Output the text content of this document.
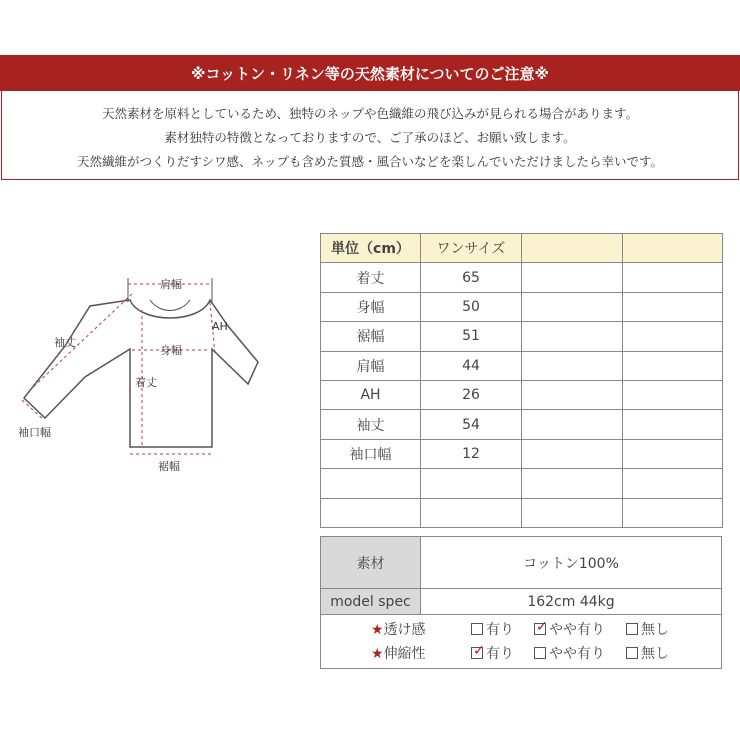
※コットン・リネン等の天然素材についてのご注意※
天然素材を原料としているため、独特のネップや色織維の飛び込みが見られる場合があります。
素材独特の特徴となっておりますので、ご了承のほど、お願い致します。
天然繊維がつくりだすシワ感、ネップも含めた質感・風合いなどを楽しんでいただけましたら幸いです。
肩幅
袖丈
AH
身幅
着丈
袖口幅
裾幅
単位（cm）	ワンサイズ		
着丈	65		
身幅	50		
裾幅	51		
肩幅	44		
AH	26		
袖丈	54		
袖口幅	12		

素材	コットン100%
model spec	162cm 44kg
★透け感	有り ✓ やや有り	無し
★伸縮性	✓ 有り	やや有り	無し
